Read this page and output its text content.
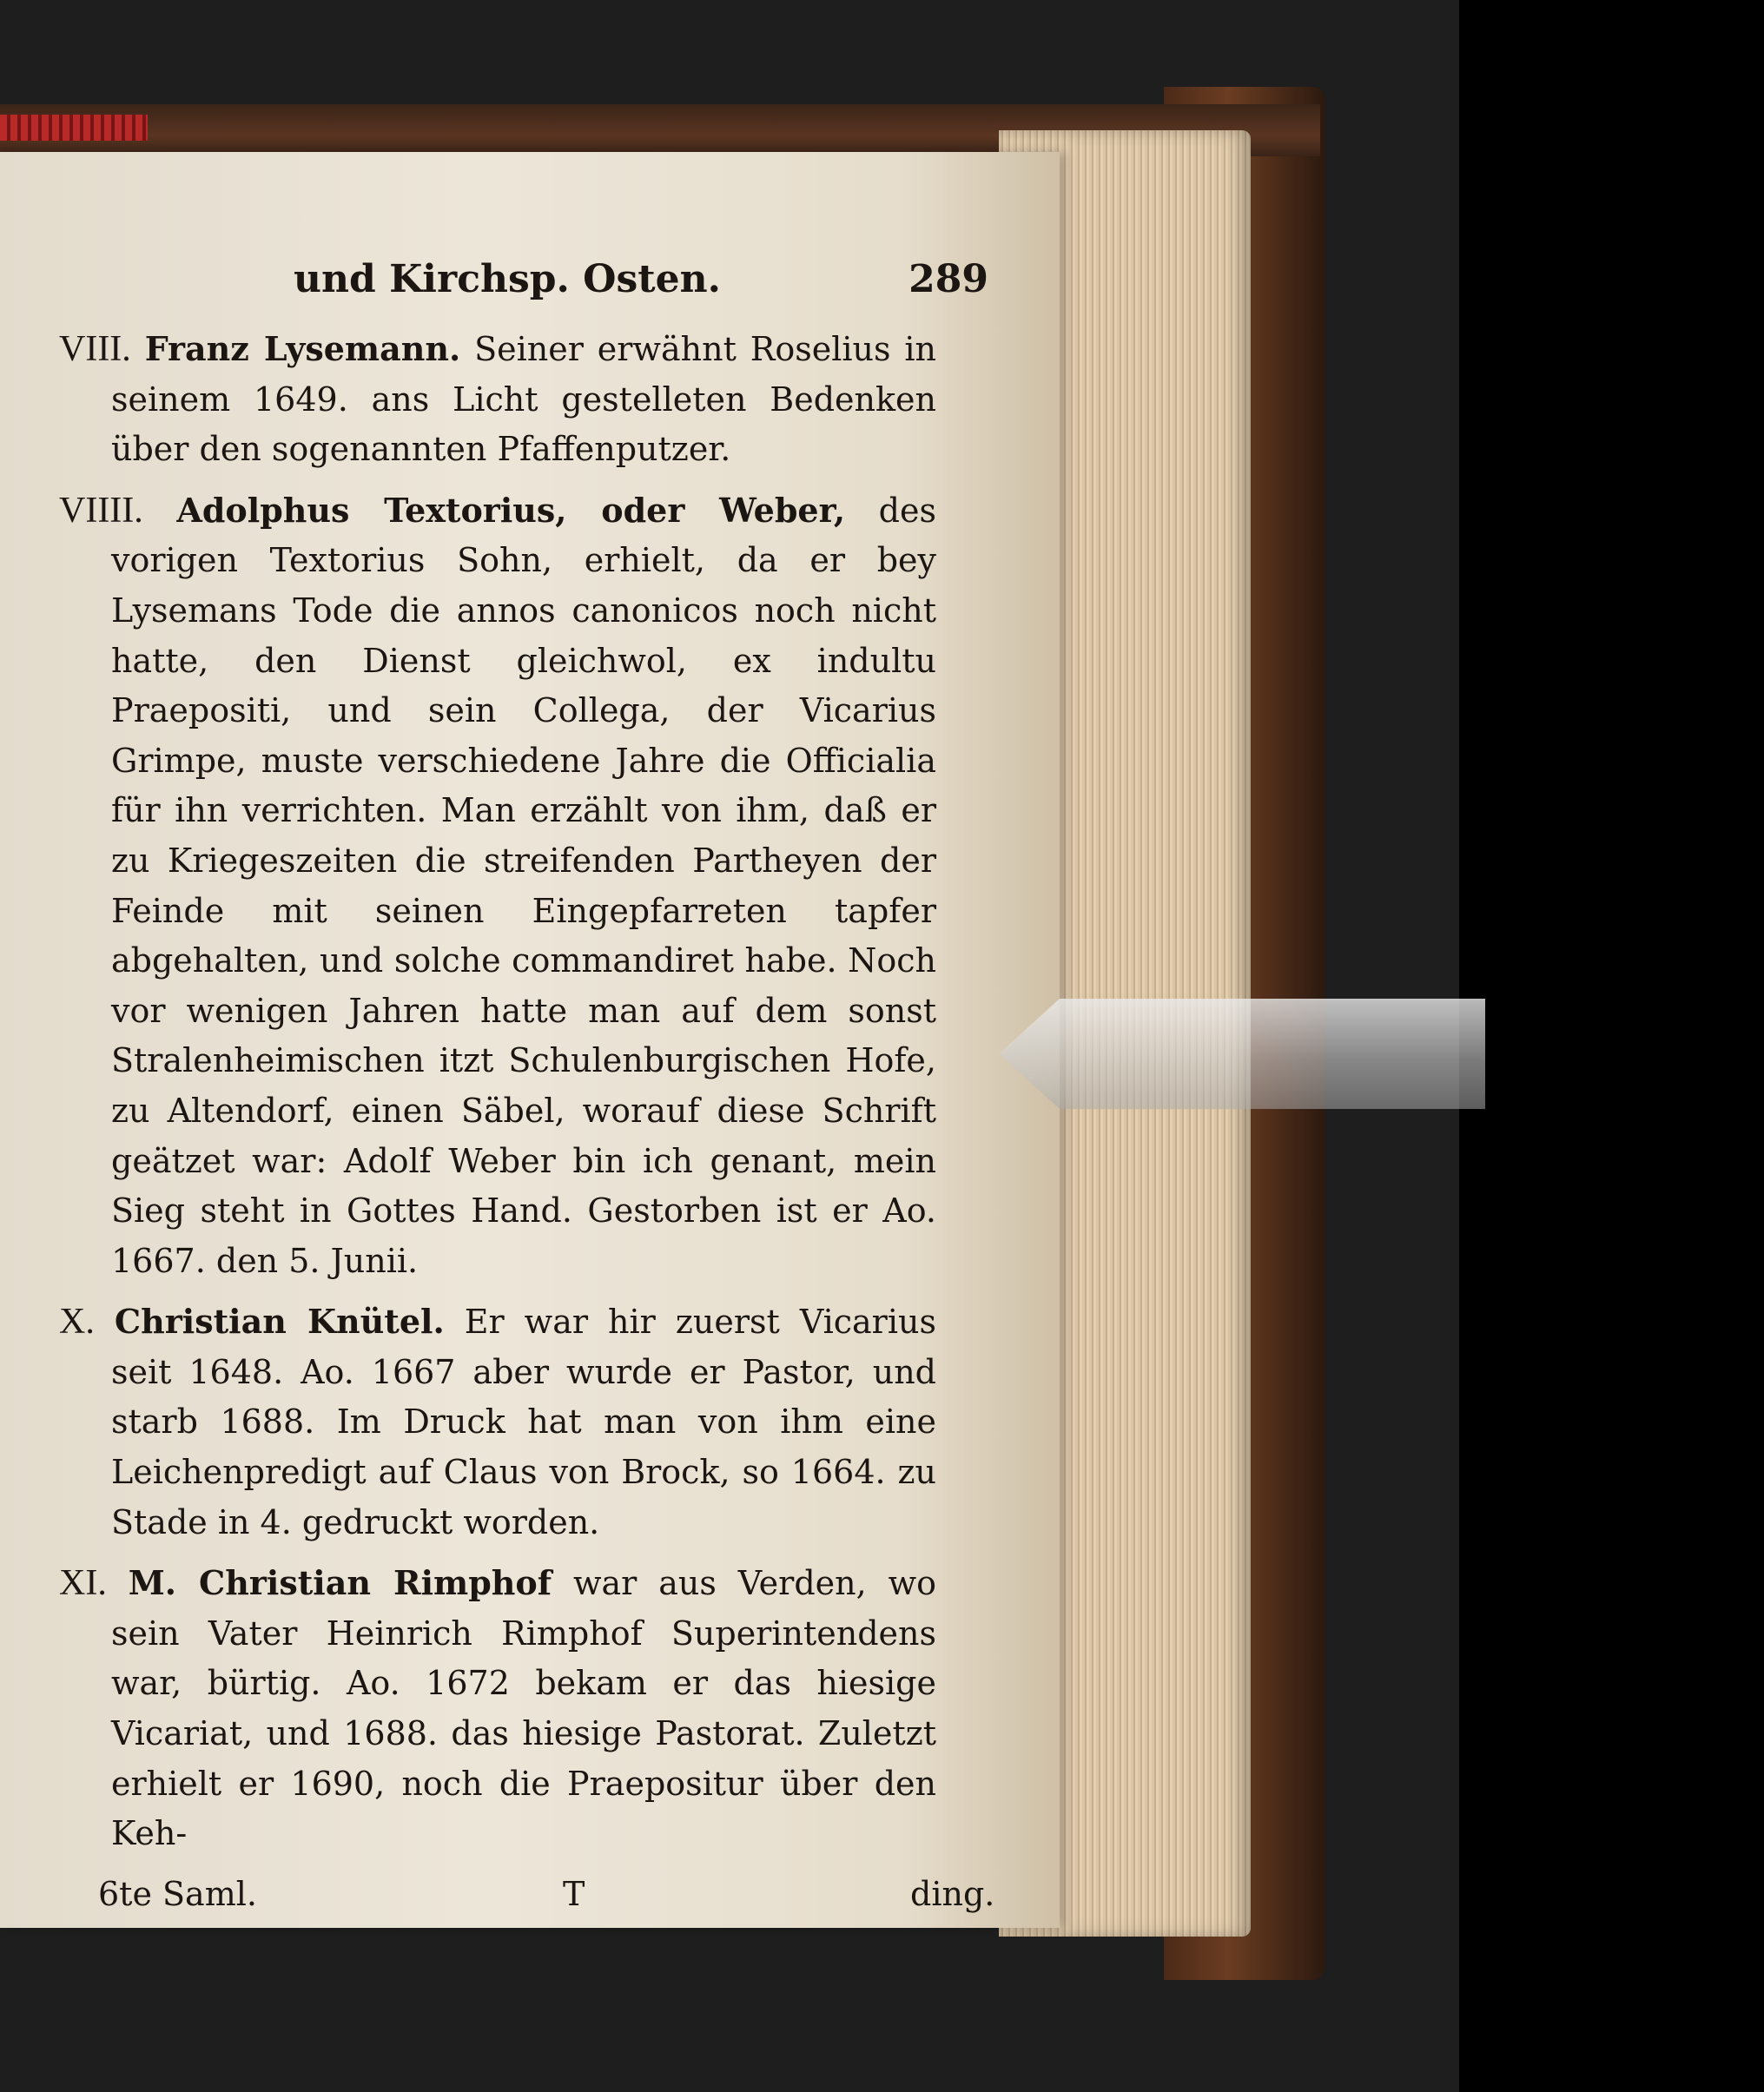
und Kirchsp. Osten.	289
VIII. Franz Lysemann. Seiner erwähnt Roselius in seinem 1649. ans Licht gestelleten Bedenken über den sogenannten Pfaffenputzer.
VIIII. Adolphus Textorius, oder Weber, des vorigen Textorius Sohn, erhielt, da er bey Lysemans Tode die annos canonicos noch nicht hatte, den Dienst gleichwol, ex indultu Praepositi, und sein Collega, der Vicarius Grimpe, muste verschiedene Jahre die Officialia für ihn verrichten. Man erzählt von ihm, daß er zu Kriegeszeiten die streifenden Partheyen der Feinde mit seinen Eingepfarreten tapfer abgehalten, und solche commandiret habe. Noch vor wenigen Jahren hatte man auf dem sonst Stralenheimischen itzt Schulenburgischen Hofe, zu Altendorf, einen Säbel, worauf diese Schrift geätzet war: Adolf Weber bin ich genant, mein Sieg steht in Gottes Hand. Gestorben ist er Ao. 1667. den 5. Junii.
X. Christian Knütel. Er war hir zuerst Vicarius seit 1648. Ao. 1667 aber wurde er Pastor, und starb 1688. Im Druck hat man von ihm eine Leichenpredigt auf Claus von Brock, so 1664. zu Stade in 4. gedruckt worden.
XI. M. Christian Rimphof war aus Verden, wo sein Vater Heinrich Rimphof Superintendens war, bürtig. Ao. 1672 bekam er das hiesige Vicariat, und 1688. das hiesige Pastorat. Zuletzt erhielt er 1690, noch die Praepositur über den Keh-
6te Saml.	T	ding.
